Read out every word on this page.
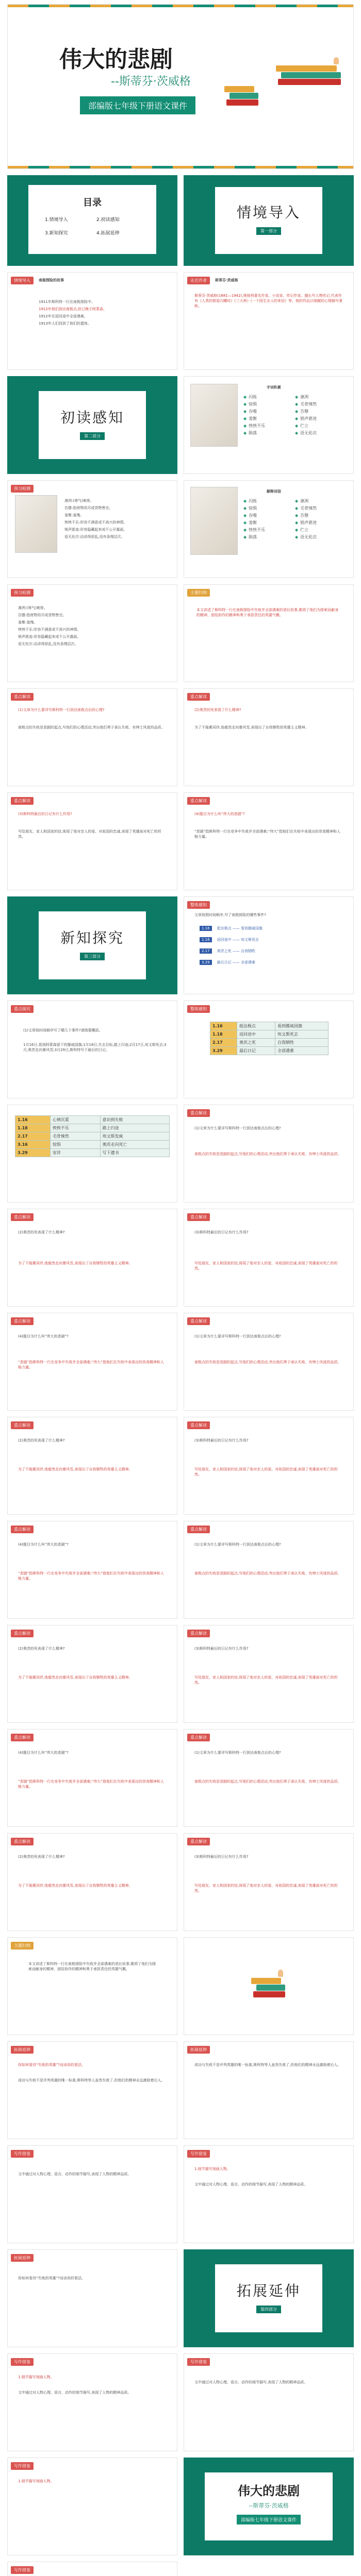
伟大的悲剧
--斯蒂芬·茨威格
部编版七年级下册语文课件
目录
1.情境导入	2.初读感知
3.新知探究	4.拓展延伸
情境导入
第一部分
情境导入	南极探险的故事
1911年斯科特一行在南极探险中。
1912年他们到达南极点,但已晚于阿蒙森。
1912年在返回途中全部遇难。
1913年人们找到了他们的遗体。
走近作者	斯蒂芬·茨威格
斯蒂芬·茨威格(1881—1942),奥地利著名作家、小说家、传记作家。擅长写人物传记,代表作有《人类的群星闪耀时》《三大师》《一个陌生女人的来信》等。他的作品以细腻的心理描写著称。
初读感知
第二部分
字词积累
◆ 闪烁	◆ 凛冽
◆ 惊惧	◆ 毛骨悚然
◆ 吞噬	◆ 告罄
◆ 羞惭	◆ 销声匿迹
◆ 怏怏不乐	◆ 伫立
◆ 陨落	◆ 语无伦次
预习检测
凛冽:(寒气)刺骨。
告罄:指财物用尽或货物售完。
羞惭:羞愧。
怏怏不乐:形容不满意或不高兴的神情。
销声匿迹:形容隐藏起来或不公开露面。
语无伦次:话讲得很乱,没有条理层次。
解释词语
◆ 闪烁	◆ 凛冽
◆ 惊惧	◆ 毛骨悚然
◆ 吞噬	◆ 告罄
◆ 羞惭	◆ 销声匿迹
◆ 怏怏不乐	◆ 伫立
◆ 陨落	◆ 语无伦次
预习检测
凛冽:(寒气)刺骨。
告罄:指财物用尽或货物售完。
羞惭:羞愧。
怏怏不乐:形容不满意或不高兴的神情。
销声匿迹:形容隐藏起来或不公开露面。
语无伦次:话讲得很乱,没有条理层次。
主题归纳
本文讲述了斯科特一行在南极探险中失败并全部遇难的悲壮故事,歌颂了他们为探索而献身的精神、团结协作的精神和勇于承担责任的英雄气概。
重点解读
(1)文章为什么要详写斯科特一行到达南极点后的心理?
南极点的失败是悲剧的起点,写他们的心理活动,突出他们勇于承认失败、有绅士风度的品质。
重点解读
(2)奥茨的死表现了什么精神?
为了不拖累同伴,他毅然走向暴风雪,表现出了自我牺牲的英雄主义精神。
重点解读
(3)斯科特最后的日记有什么作用?
写给朋友、家人和国家的信,体现了他对亲人的爱、对祖国的忠诚,表现了英雄面对死亡的坦然。
重点解读
(4)题目为什么叫“伟大的悲剧”?
“悲剧”指斯科特一行在竞争中失败并全部遇难;“伟大”指他们在失败中表现出的崇高精神和人格力量。
新知探究
第三部分
整体感知
文章按照时间顺序,写了南极探险的哪些事件?
1.16 抵达极点 —— 看到挪威国旗
1.18 返回途中 —— 埃文斯死去
2.17 奥茨之死 —— 自我牺牲
3.29 最后日记 —— 全部遇难
重点探究
(1)文章按时间顺序写了哪几个事件?请简要概括。
1月16日,看到阿蒙森留下的挪威国旗;1月18日,失去目标,踏上归途;2月17日,埃文斯死去;3月,奥茨走向暴风雪;3月29日,斯科特写下最后的日记。
整体感知
1.16	抵达极点	看到挪威国旗
1.18	返回途中	埃文斯死去
2.17	奥茨之死	自我牺牲
3.29	最后日记	全部遇难
1.16	心情沉重	意识到失败
1.18	怏怏不乐	踏上归途
2.17	毛骨悚然	埃文斯发疯
3.16	惊惧	奥茨走向死亡
3.29	安详	写下遗书
重点解读
(1)文章为什么要详写斯科特一行到达南极点后的心理?
南极点的失败是悲剧的起点,写他们的心理活动,突出他们勇于承认失败、有绅士风度的品质。
重点解读
(2)奥茨的死表现了什么精神?
为了不拖累同伴,他毅然走向暴风雪,表现出了自我牺牲的英雄主义精神。
重点解读
(3)斯科特最后的日记有什么作用?
写给朋友、家人和国家的信,体现了他对亲人的爱、对祖国的忠诚,表现了英雄面对死亡的坦然。
重点解读
(4)题目为什么叫“伟大的悲剧”?
“悲剧”指斯科特一行在竞争中失败并全部遇难;“伟大”指他们在失败中表现出的崇高精神和人格力量。
重点解读
(1)文章为什么要详写斯科特一行到达南极点后的心理?
南极点的失败是悲剧的起点,写他们的心理活动,突出他们勇于承认失败、有绅士风度的品质。
重点解读
(2)奥茨的死表现了什么精神?
为了不拖累同伴,他毅然走向暴风雪,表现出了自我牺牲的英雄主义精神。
重点解读
(3)斯科特最后的日记有什么作用?
写给朋友、家人和国家的信,体现了他对亲人的爱、对祖国的忠诚,表现了英雄面对死亡的坦然。
重点解读
(4)题目为什么叫“伟大的悲剧”?
“悲剧”指斯科特一行在竞争中失败并全部遇难;“伟大”指他们在失败中表现出的崇高精神和人格力量。
重点解读
(1)文章为什么要详写斯科特一行到达南极点后的心理?
南极点的失败是悲剧的起点,写他们的心理活动,突出他们勇于承认失败、有绅士风度的品质。
重点解读
(2)奥茨的死表现了什么精神?
为了不拖累同伴,他毅然走向暴风雪,表现出了自我牺牲的英雄主义精神。
重点解读
(3)斯科特最后的日记有什么作用?
写给朋友、家人和国家的信,体现了他对亲人的爱、对祖国的忠诚,表现了英雄面对死亡的坦然。
重点解读
(4)题目为什么叫“伟大的悲剧”?
“悲剧”指斯科特一行在竞争中失败并全部遇难;“伟大”指他们在失败中表现出的崇高精神和人格力量。
重点解读
(1)文章为什么要详写斯科特一行到达南极点后的心理?
南极点的失败是悲剧的起点,写他们的心理活动,突出他们勇于承认失败、有绅士风度的品质。
重点解读
(2)奥茨的死表现了什么精神?
为了不拖累同伴,他毅然走向暴风雪,表现出了自我牺牲的英雄主义精神。
重点解读
(3)斯科特最后的日记有什么作用?
写给朋友、家人和国家的信,体现了他对亲人的爱、对祖国的忠诚,表现了英雄面对死亡的坦然。
主题归纳
本文讲述了斯科特一行在南极探险中失败并全部遇难的悲壮故事,歌颂了他们为探索而献身的精神、团结协作的精神和勇于承担责任的英雄气概。
拓展延伸
你如何看待“失败的英雄”?谈谈你的看法。
成功与失败不是评判英雄的唯一标准,斯科特等人虽然失败了,但他们的精神永远激励着后人。
拓展延伸
成功与失败不是评判英雄的唯一标准,斯科特等人虽然失败了,但他们的精神永远激励着后人。
写作借鉴
文中通过对人物心理、语言、动作的细节描写,表现了人物的精神品质。
写作借鉴
1.细节描写刻画人物。
文中通过对人物心理、语言、动作的细节描写,表现了人物的精神品质。
拓展延伸
你如何看待“失败的英雄”?谈谈你的看法。
拓展延伸
第四部分
写作借鉴
1.细节描写刻画人物。
文中通过对人物心理、语言、动作的细节描写,表现了人物的精神品质。
写作借鉴
文中通过对人物心理、语言、动作的细节描写,表现了人物的精神品质。
写作借鉴
1.细节描写刻画人物。
伟大的悲剧
--斯蒂芬·茨威格
部编版七年级下册语文课件
写作借鉴
